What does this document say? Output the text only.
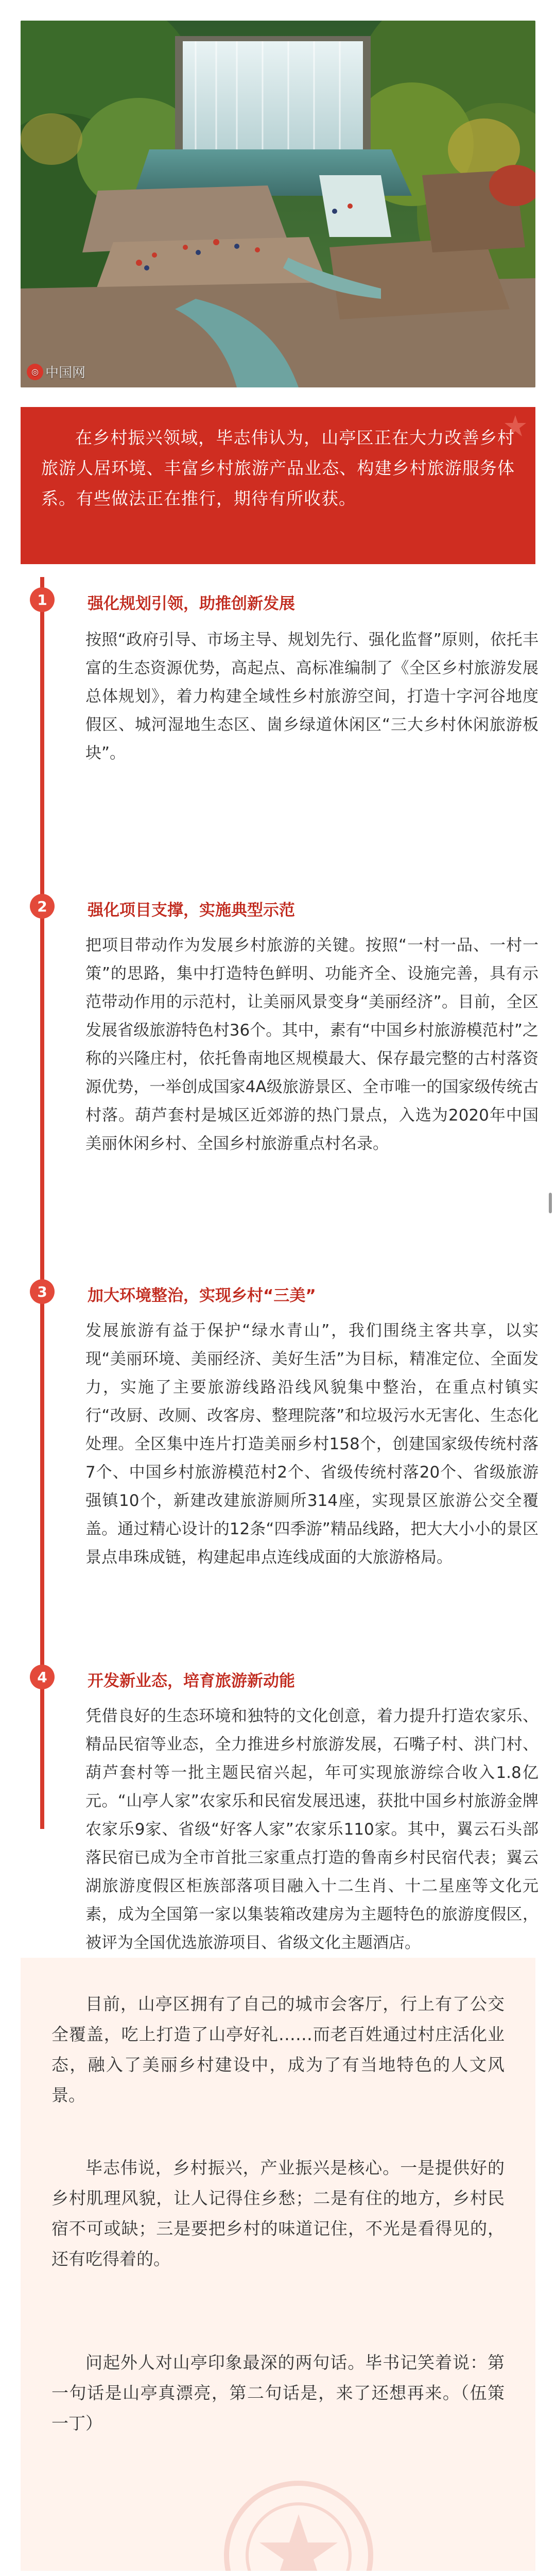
◎ 中国网
在乡村振兴领域，毕志伟认为，山亭区正在大力改善乡村旅游人居环境、丰富乡村旅游产品业态、构建乡村旅游服务体系。有些做法正在推行，期待有所收获。
1	强化规划引领，助推创新发展
按照“政府引导、市场主导、规划先行、强化监督”原则，依托丰富的生态资源优势，高起点、高标准编制了《全区乡村旅游发展总体规划》，着力构建全域性乡村旅游空间，打造十字河谷地度假区、城河湿地生态区、崮乡绿道休闲区“三大乡村休闲旅游板块”。
2	强化项目支撑，实施典型示范
把项目带动作为发展乡村旅游的关键。按照“一村一品、一村一策”的思路，集中打造特色鲜明、功能齐全、设施完善，具有示范带动作用的示范村，让美丽风景变身“美丽经济”。目前，全区发展省级旅游特色村36个。其中，素有“中国乡村旅游模范村”之称的兴隆庄村，依托鲁南地区规模最大、保存最完整的古村落资源优势，一举创成国家4A级旅游景区、全市唯一的国家级传统古村落。葫芦套村是城区近郊游的热门景点，入选为2020年中国美丽休闲乡村、全国乡村旅游重点村名录。
3	加大环境整治，实现乡村“三美”
发展旅游有益于保护“绿水青山”，我们围绕主客共享，以实现“美丽环境、美丽经济、美好生活”为目标，精准定位、全面发力，实施了主要旅游线路沿线风貌集中整治，在重点村镇实行“改厨、改厕、改客房、整理院落”和垃圾污水无害化、生态化处理。全区集中连片打造美丽乡村158个，创建国家级传统村落7个、中国乡村旅游模范村2个、省级传统村落20个、省级旅游强镇10个，新建改建旅游厕所314座，实现景区旅游公交全覆盖。通过精心设计的12条“四季游”精品线路，把大大小小的景区景点串珠成链，构建起串点连线成面的大旅游格局。
4	开发新业态，培育旅游新动能
凭借良好的生态环境和独特的文化创意，着力提升打造农家乐、精品民宿等业态，全力推进乡村旅游发展，石嘴子村、洪门村、葫芦套村等一批主题民宿兴起，年可实现旅游综合收入1.8亿元。“山亭人家”农家乐和民宿发展迅速，获批中国乡村旅游金牌农家乐9家、省级“好客人家”农家乐110家。其中，翼云石头部落民宿已成为全市首批三家重点打造的鲁南乡村民宿代表；翼云湖旅游度假区柜族部落项目融入十二生肖、十二星座等文化元素，成为全国第一家以集装箱改建房为主题特色的旅游度假区，被评为全国优选旅游项目、省级文化主题酒店。
目前，山亭区拥有了自己的城市会客厅，行上有了公交全覆盖，吃上打造了山亭好礼……而老百姓通过村庄活化业态，融入了美丽乡村建设中，成为了有当地特色的人文风景。
毕志伟说，乡村振兴，产业振兴是核心。一是提供好的乡村肌理风貌，让人记得住乡愁；二是有住的地方，乡村民宿不可或缺；三是要把乡村的味道记住，不光是看得见的，还有吃得着的。
问起外人对山亭印象最深的两句话。毕书记笑着说：第一句话是山亭真漂亮，第二句话是，来了还想再来。（伍策 一丁）
